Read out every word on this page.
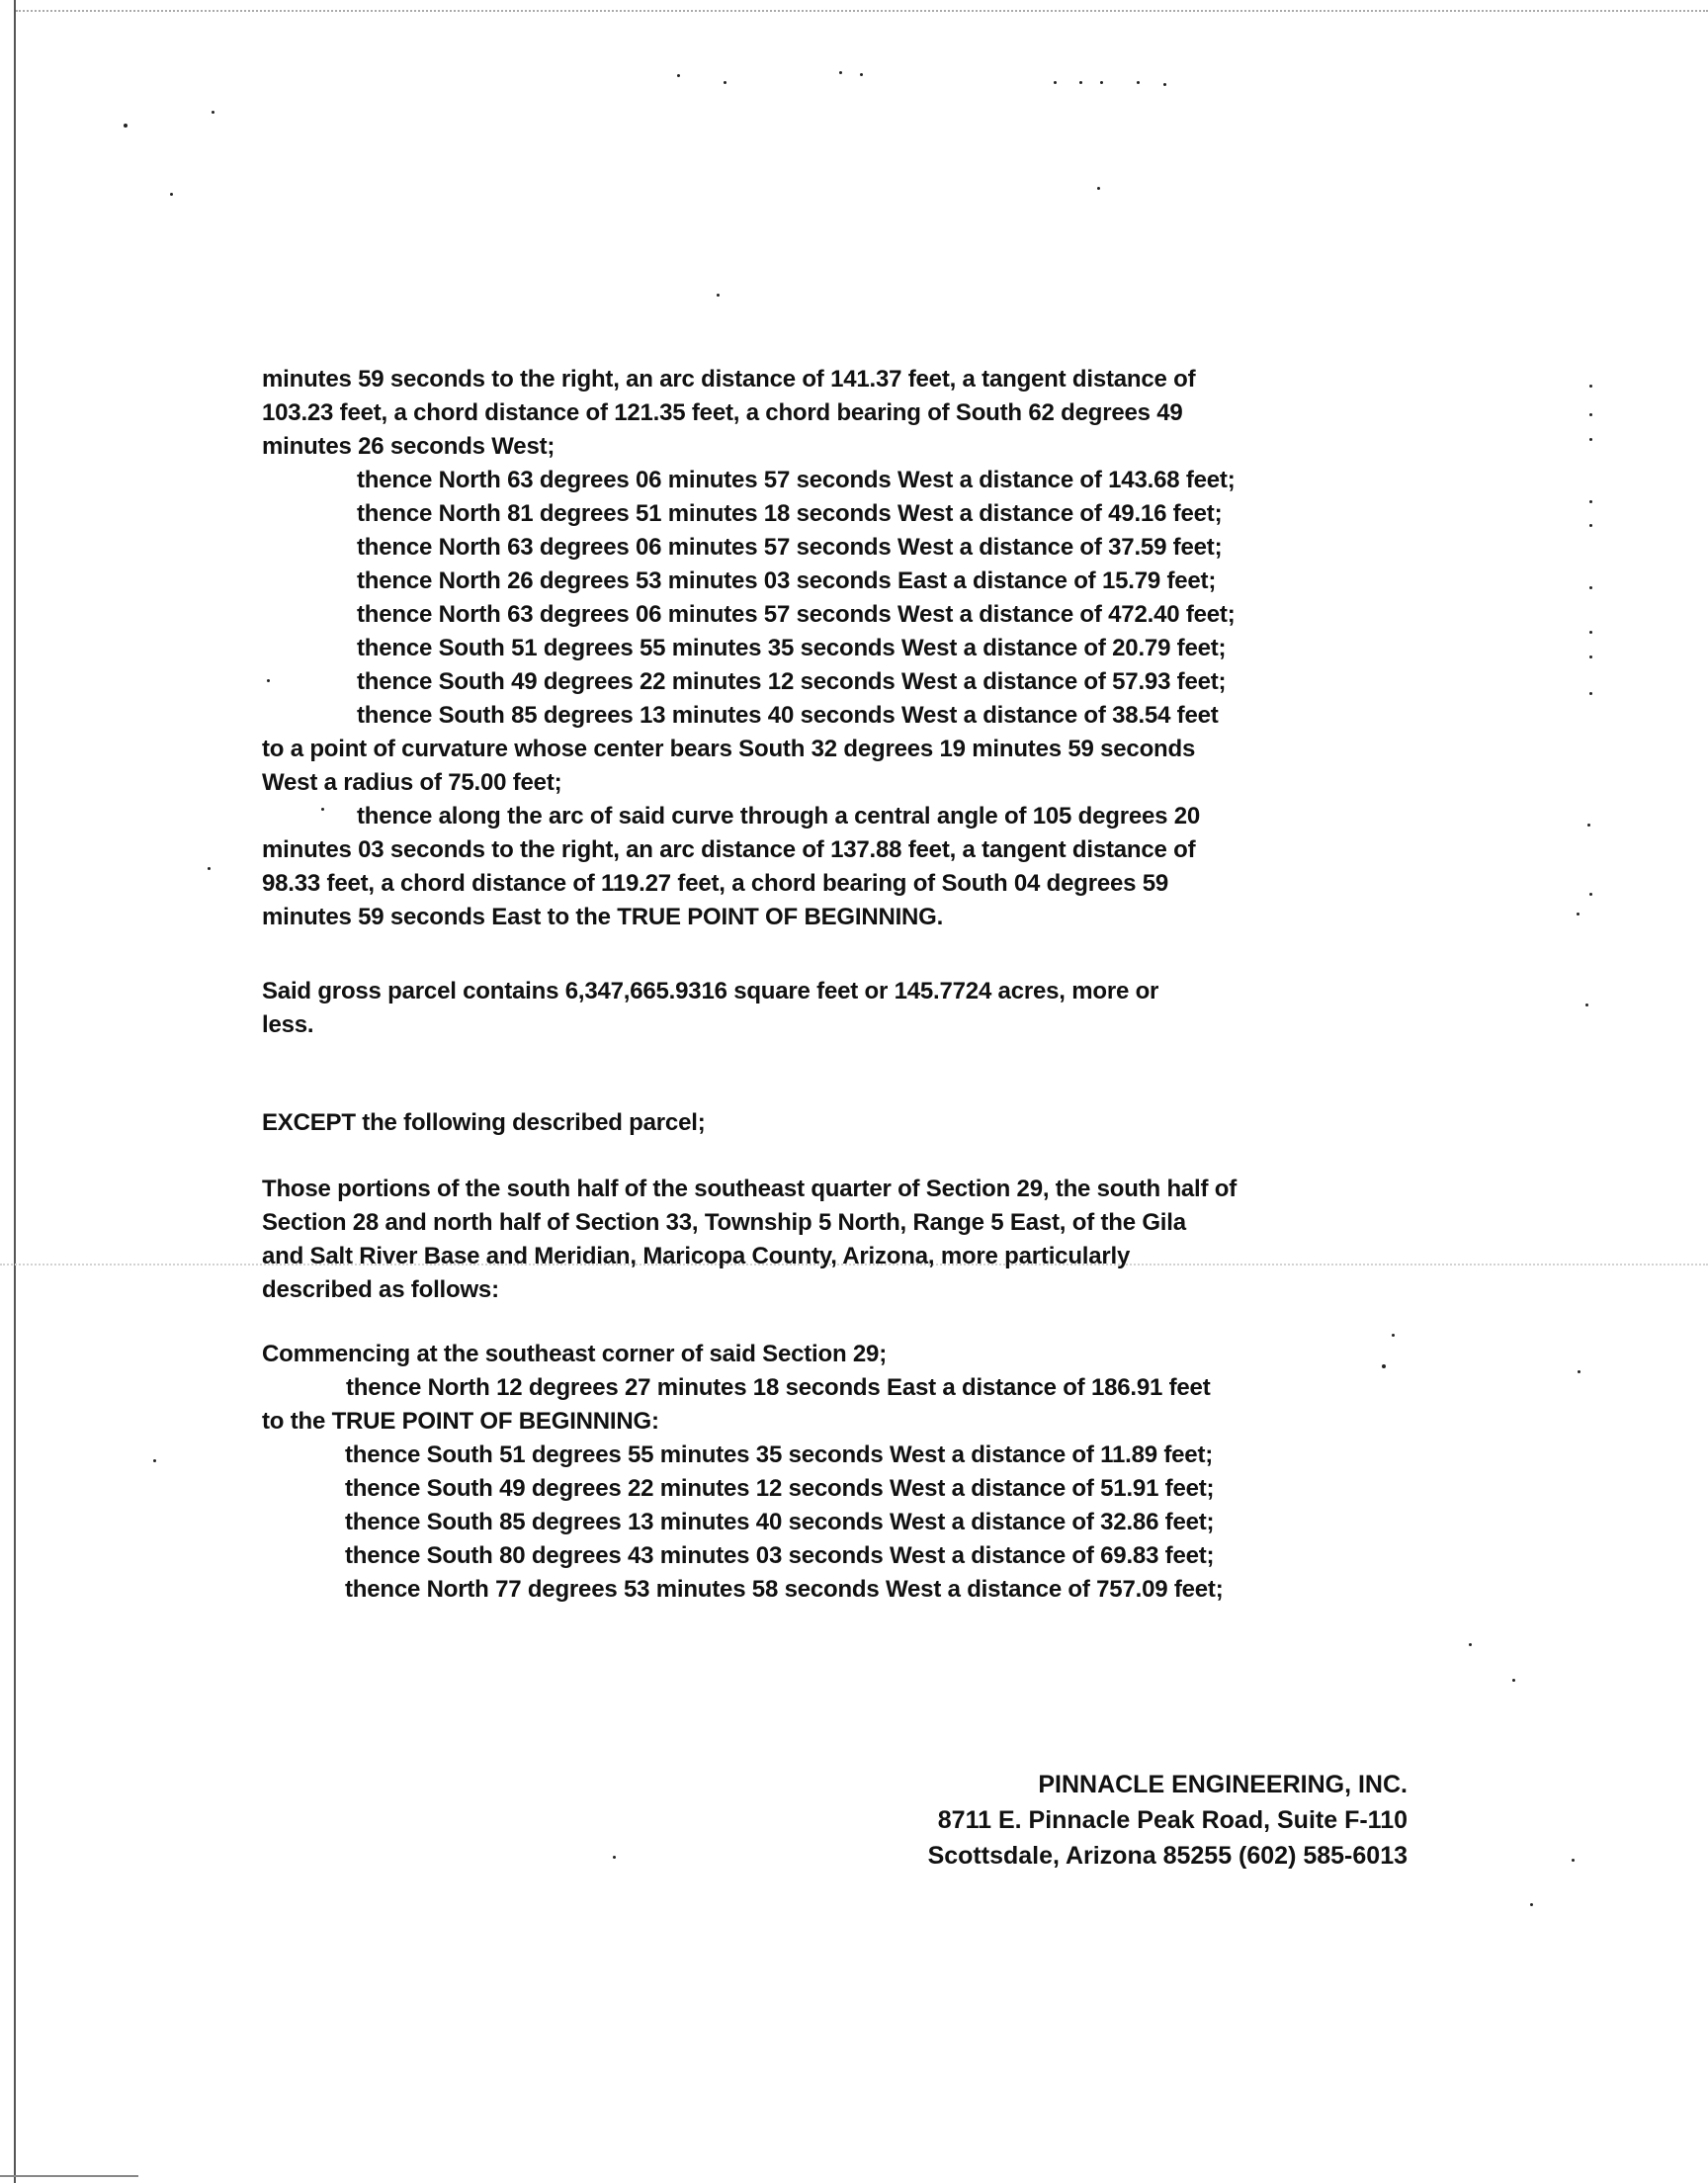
minutes 59 seconds to the right, an arc distance of 141.37 feet, a tangent distance of
103.23 feet, a chord distance of 121.35 feet, a chord bearing of South 62 degrees 49
minutes 26 seconds West;
thence North 63 degrees 06 minutes 57 seconds West a distance of 143.68 feet;
thence North 81 degrees 51 minutes 18 seconds West a distance of 49.16 feet;
thence North 63 degrees 06 minutes 57 seconds West a distance of 37.59 feet;
thence North 26 degrees 53 minutes 03 seconds East a distance of 15.79 feet;
thence North 63 degrees 06 minutes 57 seconds West a distance of 472.40 feet;
thence South 51 degrees 55 minutes 35 seconds West a distance of 20.79 feet;
thence South 49 degrees 22 minutes 12 seconds West a distance of 57.93 feet;
thence South 85 degrees 13 minutes 40 seconds West a distance of 38.54 feet
to a point of curvature whose center bears South 32 degrees 19 minutes 59 seconds
West a radius of 75.00 feet;
thence along the arc of said curve through a central angle of 105 degrees 20
minutes 03 seconds to the right, an arc distance of 137.88 feet, a tangent distance of
98.33 feet, a chord distance of 119.27 feet, a chord bearing of South 04 degrees 59
minutes 59 seconds East to the TRUE POINT OF BEGINNING.
Said gross parcel contains 6,347,665.9316 square feet or 145.7724 acres, more or
less.
EXCEPT the following described parcel;
Those portions of the south half of the southeast quarter of Section 29, the south half of
Section 28 and north half of Section 33, Township 5 North, Range 5 East, of the Gila
and Salt River Base and Meridian, Maricopa County, Arizona, more particularly
described as follows:
Commencing at the southeast corner of said Section 29;
thence North 12 degrees 27 minutes 18 seconds East a distance of 186.91 feet
to the TRUE POINT OF BEGINNING:
thence South 51 degrees 55 minutes 35 seconds West a distance of 11.89 feet;
thence South 49 degrees 22 minutes 12 seconds West a distance of 51.91 feet;
thence South 85 degrees 13 minutes 40 seconds West a distance of 32.86 feet;
thence South 80 degrees 43 minutes 03 seconds West a distance of 69.83 feet;
thence North 77 degrees 53 minutes 58 seconds West a distance of 757.09 feet;
PINNACLE ENGINEERING, INC.
8711 E. Pinnacle Peak Road, Suite F-110
Scottsdale, Arizona 85255 (602) 585-6013
